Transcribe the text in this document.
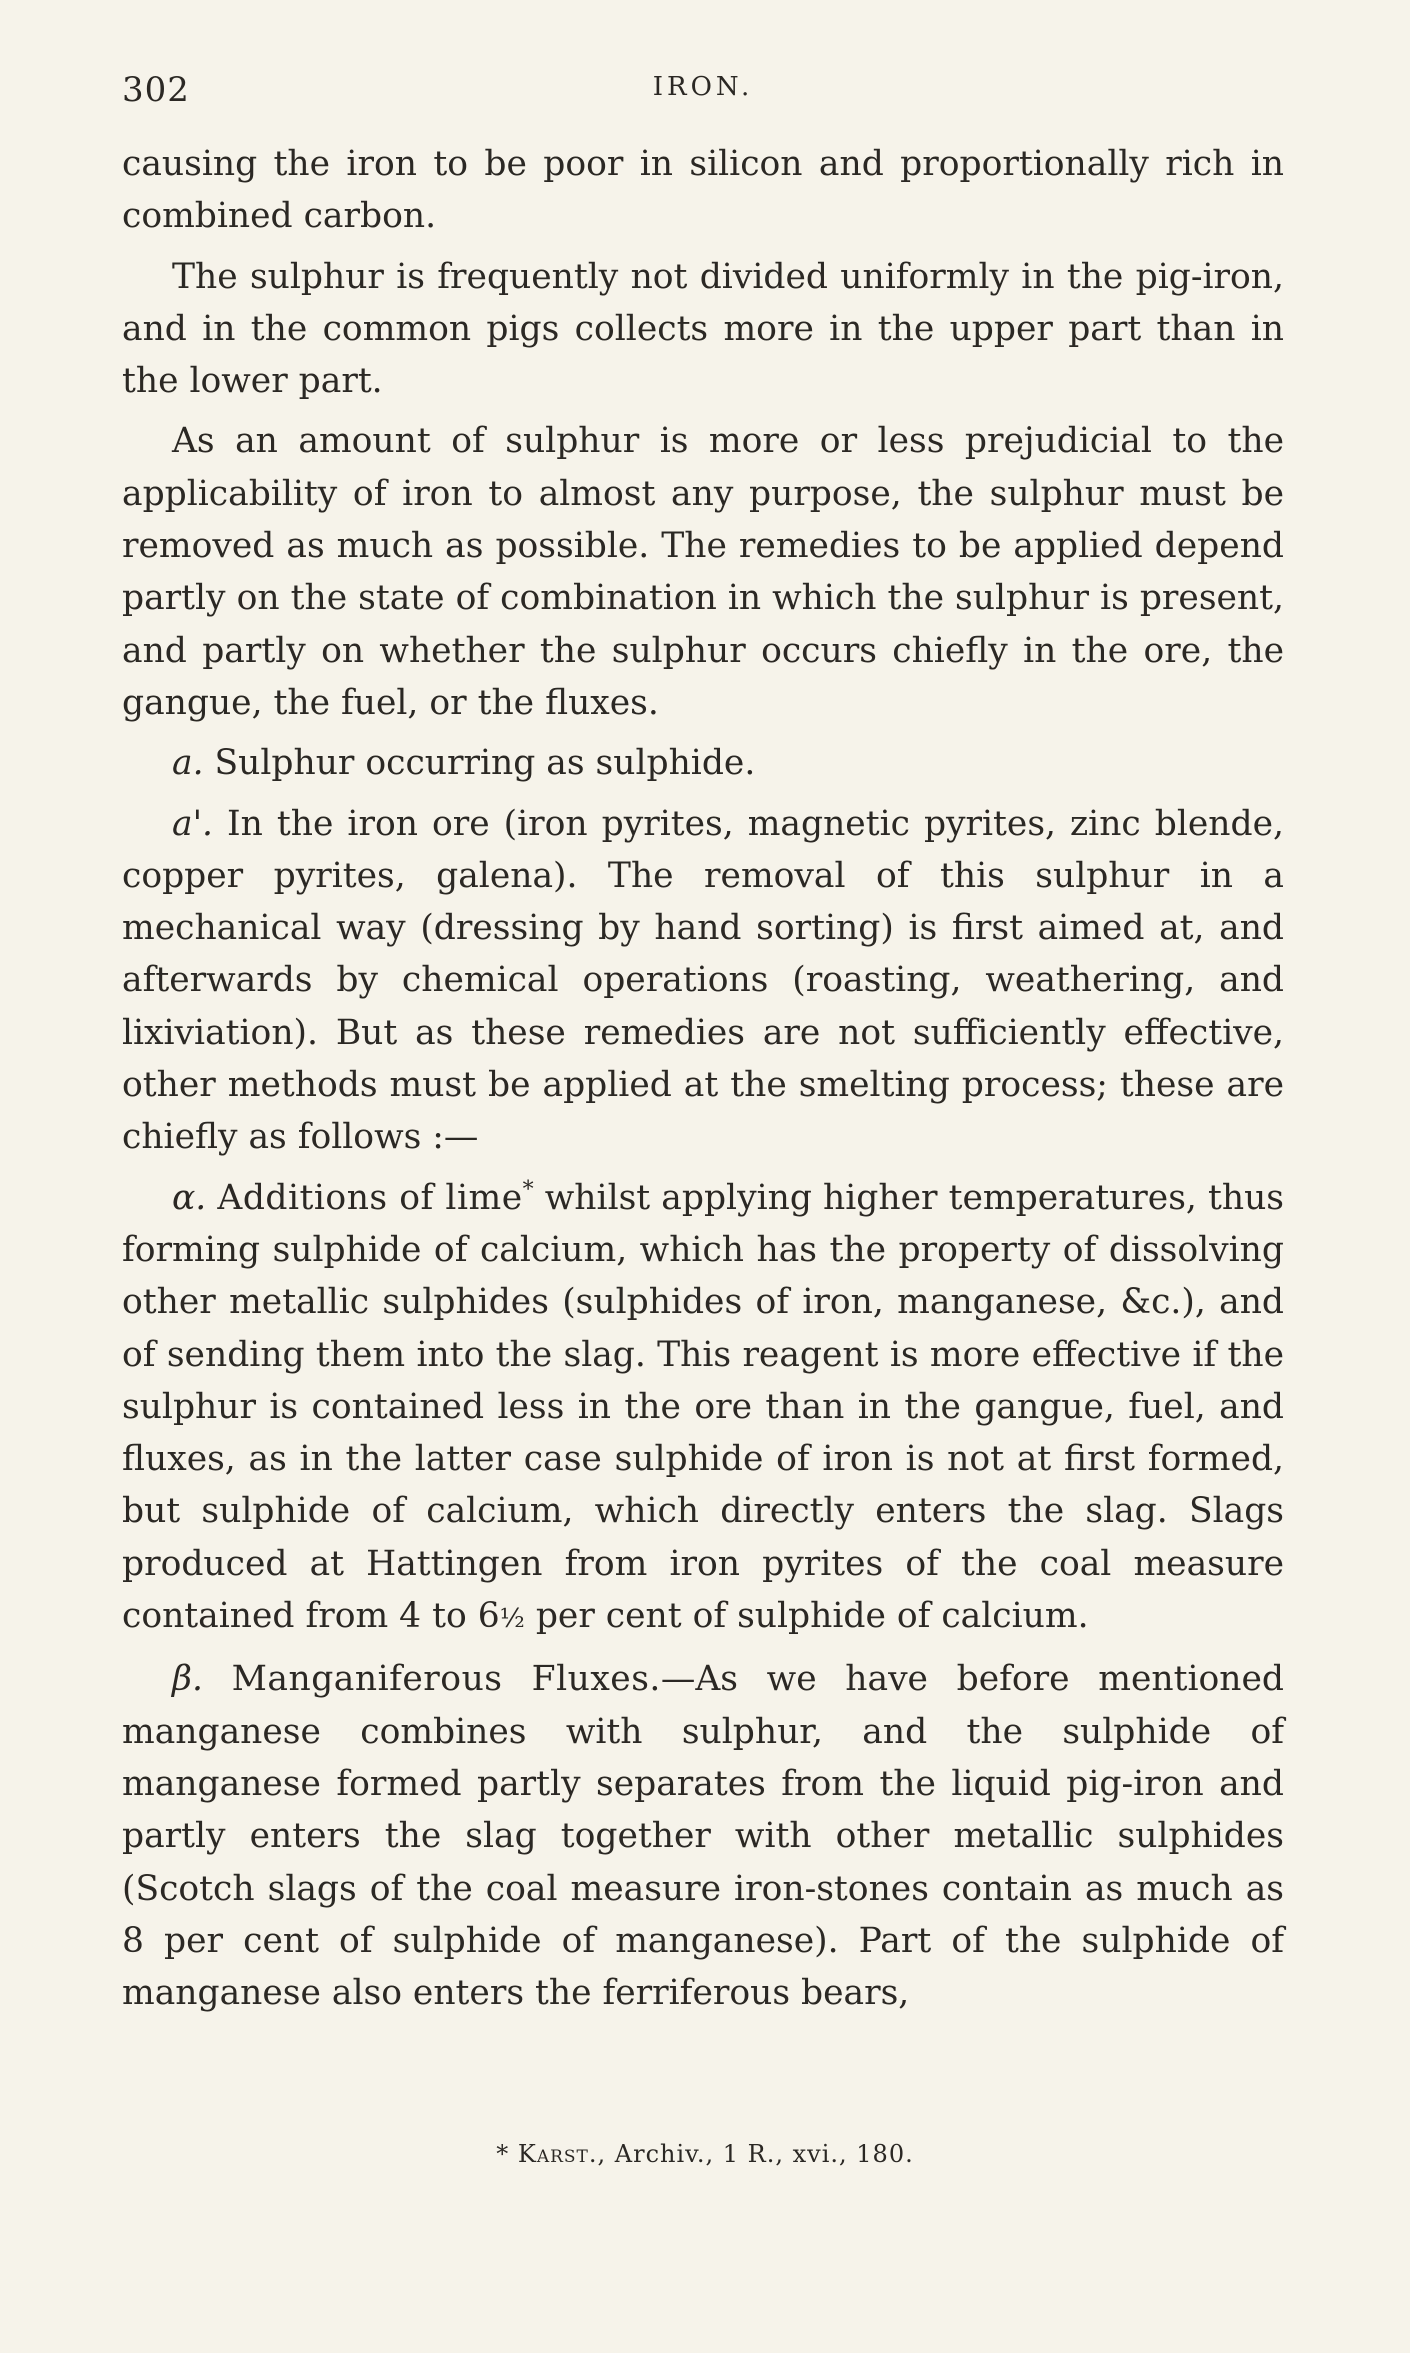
302	IRON.

causing the iron to be poor in silicon and proportionally rich in combined carbon.

The sulphur is frequently not divided uniformly in the pig-iron, and in the common pigs collects more in the upper part than in the lower part.

As an amount of sulphur is more or less prejudicial to the applicability of iron to almost any purpose, the sulphur must be removed as much as possible. The remedies to be applied depend partly on the state of combination in which the sulphur is present, and partly on whether the sulphur occurs chiefly in the ore, the gangue, the fuel, or the fluxes.

a. Sulphur occurring as sulphide.

a'. In the iron ore (iron pyrites, magnetic pyrites, zinc blende, copper pyrites, galena). The removal of this sulphur in a mechanical way (dressing by hand sorting) is first aimed at, and afterwards by chemical operations (roasting, weathering, and lixiviation). But as these remedies are not sufficiently effective, other methods must be applied at the smelting process; these are chiefly as follows :—

α. Additions of lime* whilst applying higher temperatures, thus forming sulphide of calcium, which has the property of dissolving other metallic sulphides (sulphides of iron, manganese, &c.), and of sending them into the slag. This reagent is more effective if the sulphur is contained less in the ore than in the gangue, fuel, and fluxes, as in the latter case sulphide of iron is not at first formed, but sulphide of calcium, which directly enters the slag. Slags produced at Hattingen from iron pyrites of the coal measure contained from 4 to 6½ per cent of sulphide of calcium.

β. Manganiferous Fluxes.—As we have before mentioned manganese combines with sulphur, and the sulphide of manganese formed partly separates from the liquid pig-iron and partly enters the slag together with other metallic sulphides (Scotch slags of the coal measure iron-stones contain as much as 8 per cent of sulphide of manganese). Part of the sulphide of manganese also enters the ferriferous bears,

* Karst., Archiv., 1 R., xvi., 180.
